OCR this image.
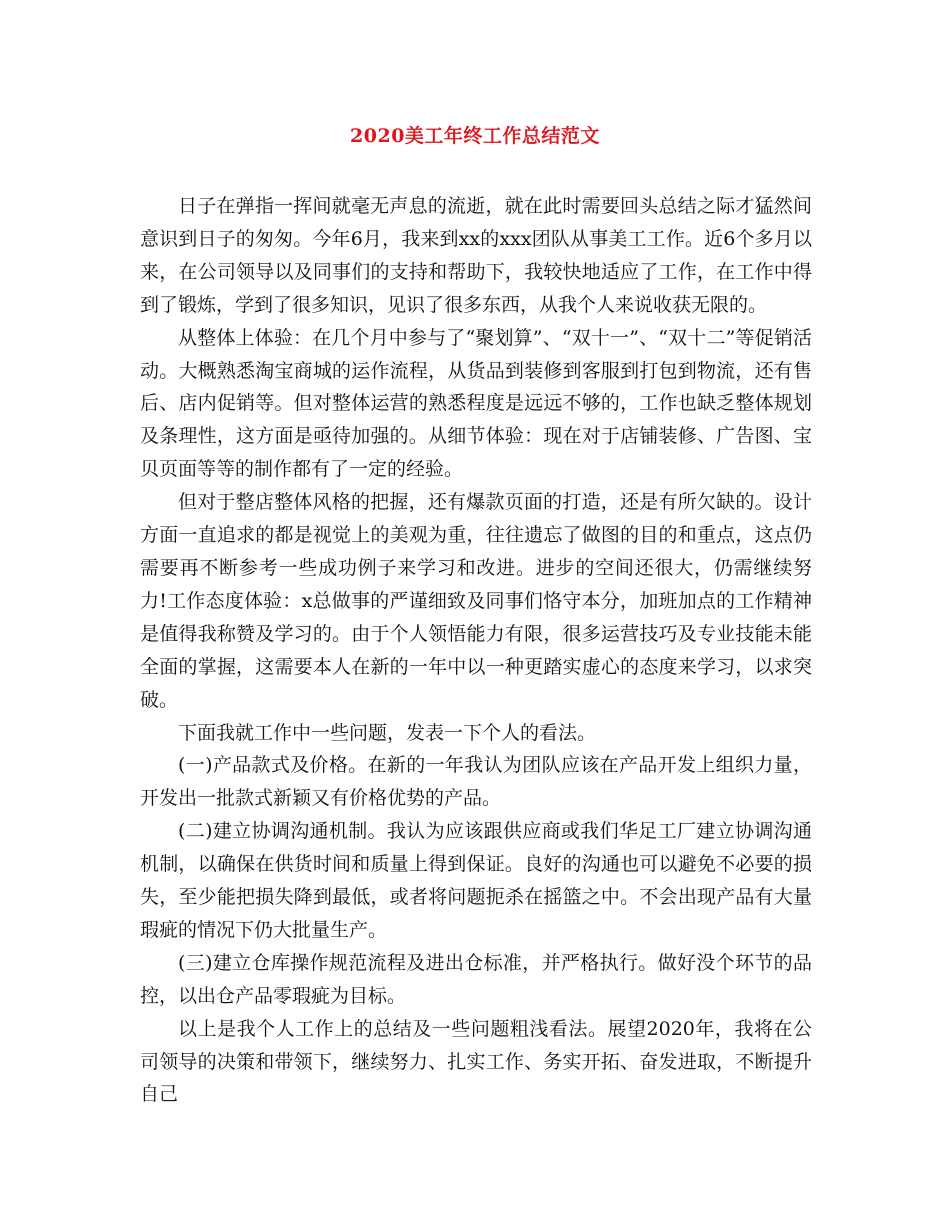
2020美工年终工作总结范文

日子在弹指一挥间就毫无声息的流逝，就在此时需要回头总结之际才猛然间意识到日子的匆匆。今年6月，我来到xx的xxx团队从事美工工作。近6个多月以来，在公司领导以及同事们的支持和帮助下，我较快地适应了工作，在工作中得到了锻炼，学到了很多知识，见识了很多东西，从我个人来说收获无限的。

从整体上体验：在几个月中参与了“聚划算”、“双十一”、“双十二”等促销活动。大概熟悉淘宝商城的运作流程，从货品到装修到客服到打包到物流，还有售后、店内促销等。但对整体运营的熟悉程度是远远不够的，工作也缺乏整体规划及条理性，这方面是亟待加强的。从细节体验：现在对于店铺装修、广告图、宝贝页面等等的制作都有了一定的经验。

但对于整店整体风格的把握，还有爆款页面的打造，还是有所欠缺的。设计方面一直追求的都是视觉上的美观为重，往往遗忘了做图的目的和重点，这点仍需要再不断参考一些成功例子来学习和改进。进步的空间还很大，仍需继续努力!工作态度体验：x总做事的严谨细致及同事们恪守本分，加班加点的工作精神是值得我称赞及学习的。由于个人领悟能力有限，很多运营技巧及专业技能未能全面的掌握，这需要本人在新的一年中以一种更踏实虚心的态度来学习，以求突破。

下面我就工作中一些问题，发表一下个人的看法。

(一)产品款式及价格。在新的一年我认为团队应该在产品开发上组织力量，开发出一批款式新颖又有价格优势的产品。

(二)建立协调沟通机制。我认为应该跟供应商或我们华足工厂建立协调沟通机制，以确保在供货时间和质量上得到保证。良好的沟通也可以避免不必要的损失，至少能把损失降到最低，或者将问题扼杀在摇篮之中。不会出现产品有大量瑕疵的情况下仍大批量生产。

(三)建立仓库操作规范流程及进出仓标准，并严格执行。做好没个环节的品控，以出仓产品零瑕疵为目标。

以上是我个人工作上的总结及一些问题粗浅看法。展望2020年，我将在公司领导的决策和带领下，继续努力、扎实工作、务实开拓、奋发进取，不断提升自己
